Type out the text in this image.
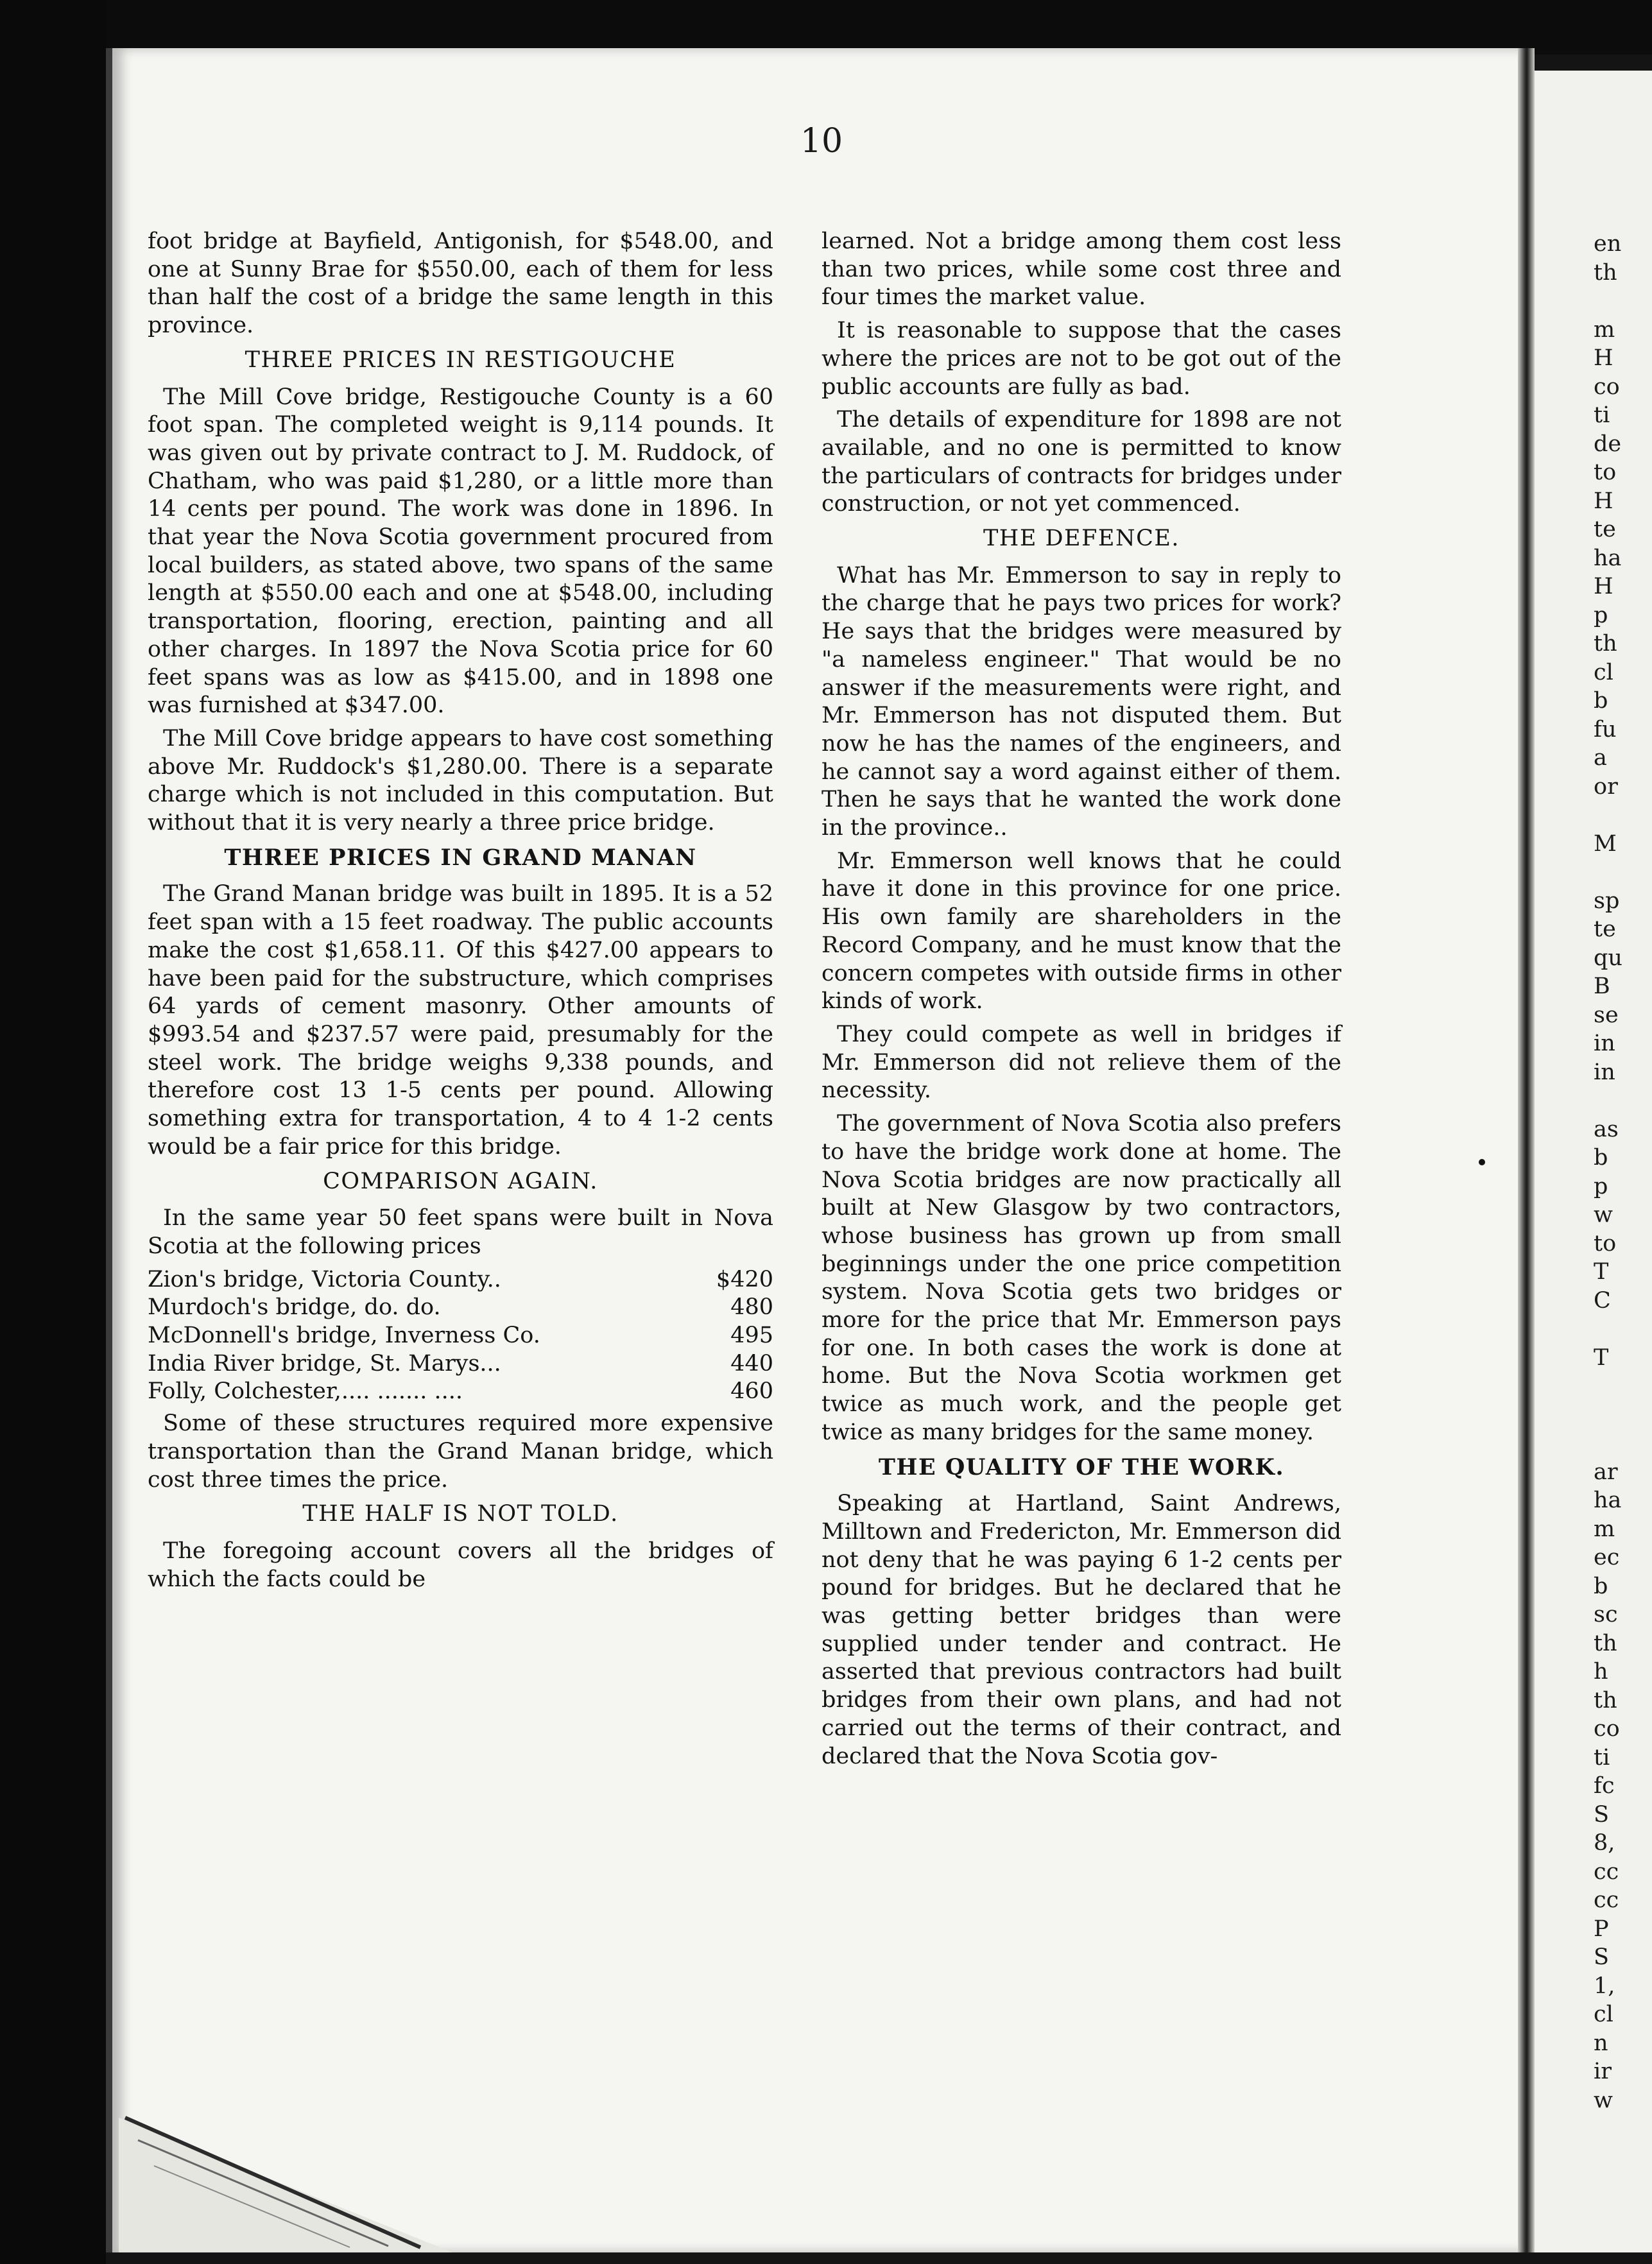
en
th
m
H
co
ti
de
to
H
te
ha
H
p
th
cl
b
fu
a
or
M
sp
te
qu
B
se
in
in
as
b
p
w
to
T
C
T
ar
ha
m
ec
b
sc
th
h
th
co
ti
fc
S
8,
cc
cc
P
S
1,
cl
n
ir
w
10

foot bridge at Bayfield, Antigonish, for $548.00, and one at Sunny Brae for $550.00, each of them for less than half the cost of a bridge the same length in this province.

THREE PRICES IN RESTIGOUCHE

The Mill Cove bridge, Restigouche County is a 60 foot span. The completed weight is 9,114 pounds. It was given out by private contract to J. M. Ruddock, of Chatham, who was paid $1,280, or a little more than 14 cents per pound. The work was done in 1896. In that year the Nova Scotia government procured from local builders, as stated above, two spans of the same length at $550.00 each and one at $548.00, including transportation, flooring, erection, painting and all other charges. In 1897 the Nova Scotia price for 60 feet spans was as low as $415.00, and in 1898 one was furnished at $347.00.

The Mill Cove bridge appears to have cost something above Mr. Ruddock's $1,280.00. There is a separate charge which is not included in this computation. But without that it is very nearly a three price bridge.

THREE PRICES IN GRAND MANAN

The Grand Manan bridge was built in 1895. It is a 52 feet span with a 15 feet roadway. The public accounts make the cost $1,658.11. Of this $427.00 appears to have been paid for the substructure, which comprises 64 yards of cement masonry. Other amounts of $993.54 and $237.57 were paid, presumably for the steel work. The bridge weighs 9,338 pounds, and therefore cost 13 1-5 cents per pound. Allowing something extra for transportation, 4 to 4 1-2 cents would be a fair price for this bridge.

COMPARISON AGAIN.

In the same year 50 feet spans were built in Nova Scotia at the following prices

Zion's bridge, Victoria County..	$420
Murdoch's bridge, do. do.	480
McDonnell's bridge, Inverness Co.	495
India River bridge, St. Marys...	440
Folly, Colchester,.... ....... ....	460

Some of these structures required more expensive transportation than the Grand Manan bridge, which cost three times the price.

THE HALF IS NOT TOLD.

The foregoing account covers all the bridges of which the facts could be

learned. Not a bridge among them cost less than two prices, while some cost three and four times the market value.

It is reasonable to suppose that the cases where the prices are not to be got out of the public accounts are fully as bad.

The details of expenditure for 1898 are not available, and no one is permitted to know the particulars of contracts for bridges under construction, or not yet commenced.

THE DEFENCE.

What has Mr. Emmerson to say in reply to the charge that he pays two prices for work? He says that the bridges were measured by "a nameless engineer." That would be no answer if the measurements were right, and Mr. Emmerson has not disputed them. But now he has the names of the engineers, and he cannot say a word against either of them. Then he says that he wanted the work done in the province..

Mr. Emmerson well knows that he could have it done in this province for one price. His own family are shareholders in the Record Company, and he must know that the concern competes with outside firms in other kinds of work.

They could compete as well in bridges if Mr. Emmerson did not relieve them of the necessity.

The government of Nova Scotia also prefers to have the bridge work done at home. The Nova Scotia bridges are now practically all built at New Glasgow by two contractors, whose business has grown up from small beginnings under the one price competition system. Nova Scotia gets two bridges or more for the price that Mr. Emmerson pays for one. In both cases the work is done at home. But the Nova Scotia workmen get twice as much work, and the people get twice as many bridges for the same money.

THE QUALITY OF THE WORK.

Speaking at Hartland, Saint Andrews, Milltown and Fredericton, Mr. Emmerson did not deny that he was paying 6 1-2 cents per pound for bridges. But he declared that he was getting better bridges than were supplied under tender and contract. He asserted that previous contractors had built bridges from their own plans, and had not carried out the terms of their contract, and declared that the Nova Scotia gov-
